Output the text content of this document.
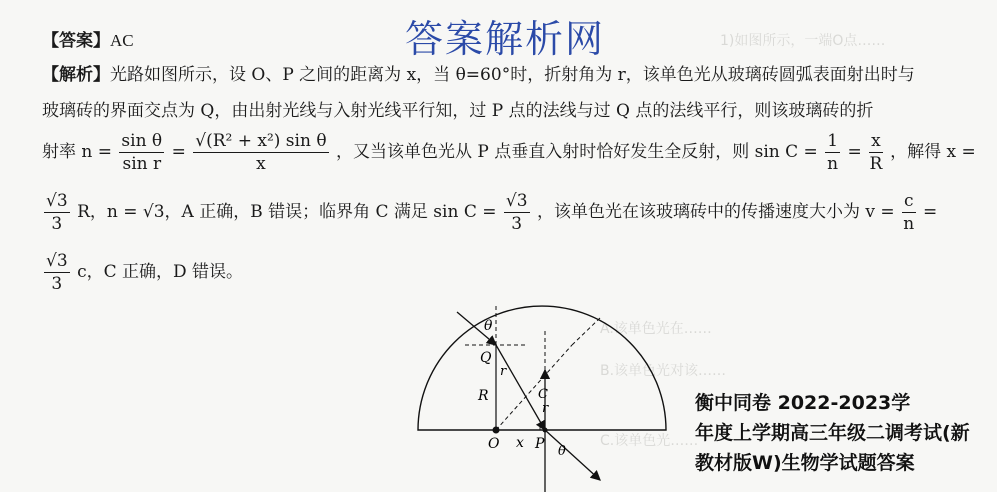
1)如图所示，一端O点……
A.该单色光在……
B.该单色光对该……
C.该单色光……
答案解析网
【答案】AC
【解析】光路如图所示，设 O、P 之间的距离为 x，当 θ=60°时，折射角为 r，该单色光从玻璃砖圆弧表面射出时与
玻璃砖的界面交点为 Q，由出射光线与入射光线平行知，过 P 点的法线与过 Q 点的法线平行，则该玻璃砖的折
射率 $n = \frac{\text{sin θ}}{\text{sin r}} = \frac{\text{√(R² + x²) sin θ}}{x}$ ，又当该单色光从 P 点垂直入射时恰好发生全反射，则 $\sin C = \frac{1}{n} = \frac{x}{R}$ ，解得 x =
$\frac{√3}{3}$ R，n = √3，A 正确，B 错误；临界角 C 满足 $\sin C = \frac{√3}{3}$ ，该单色光在该玻璃砖中的传播速度大小为 $v = \frac{c}{n}$ =
$\frac{√3}{3}$ c，C 正确，D 错误。
θ
Q
r
C
r
R
O x P θ
衡中同卷 2022-2023学
年度上学期高三年级二调考试(新
教材版W)生物学试题答案
